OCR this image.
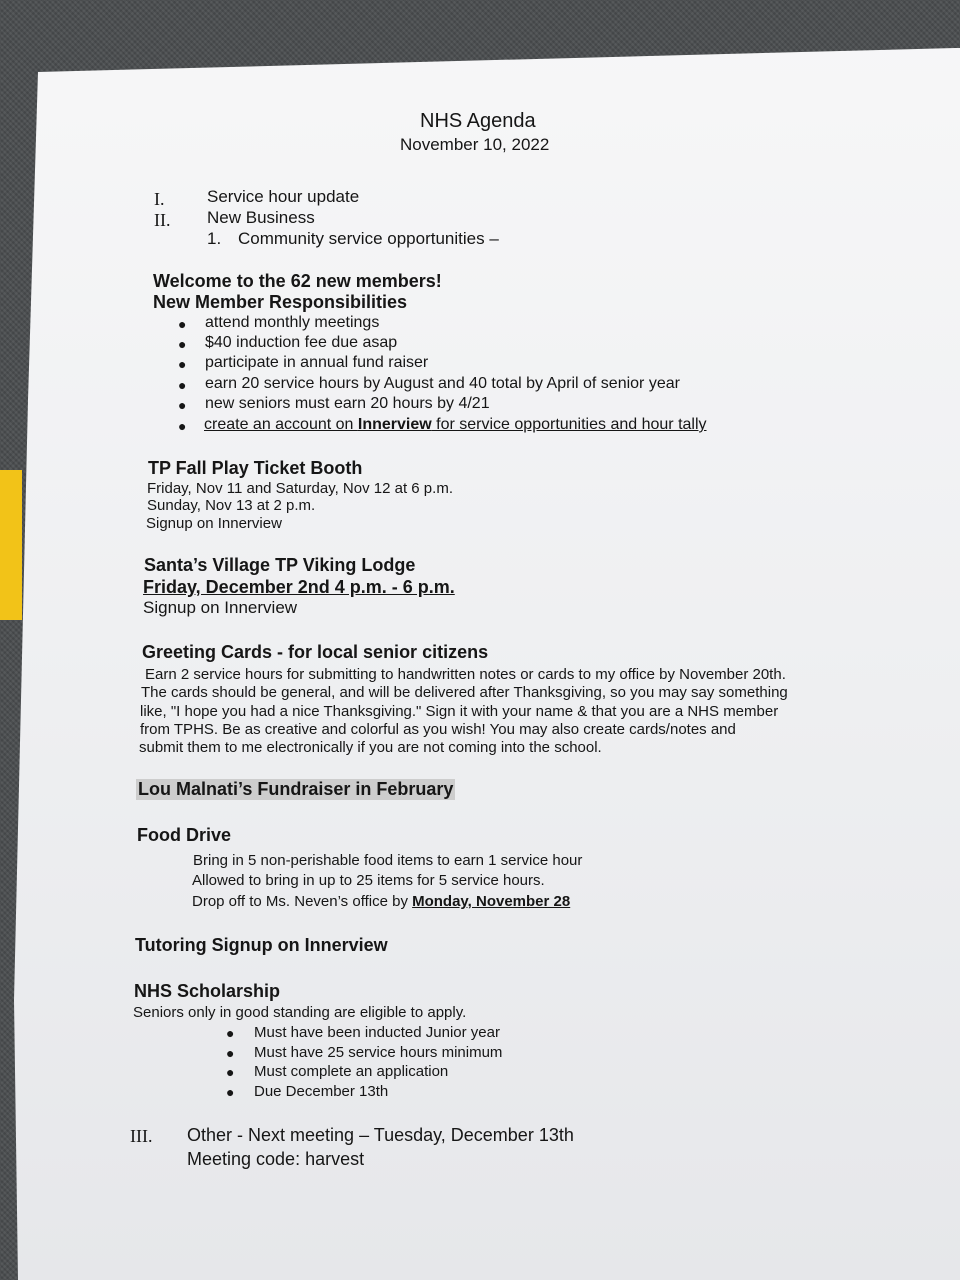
NHS Agenda
November 10, 2022
I.	Service hour update
II. New Business
1. Community service opportunities –
Welcome to the 62 new members!
New Member Responsibilities
● attend monthly meetings
● $40 induction fee due asap
● participate in annual fund raiser
● earn 20 service hours by August and 40 total by April of senior year
● new seniors must earn 20 hours by 4/21
● create an account on Innerview for service opportunities and hour tally
TP Fall Play Ticket Booth
Friday, Nov 11 and Saturday, Nov 12 at 6 p.m.
Sunday, Nov 13 at 2 p.m.
Signup on Innerview
Santa’s Village TP Viking Lodge
Friday, December 2nd 4 p.m. - 6 p.m.
Signup on Innerview
Greeting Cards - for local senior citizens
Earn 2 service hours for submitting to handwritten notes or cards to my office by November 20th.
The cards should be general, and will be delivered after Thanksgiving, so you may say something
like, "I hope you had a nice Thanksgiving." Sign it with your name & that you are a NHS member
from TPHS. Be as creative and colorful as you wish! You may also create cards/notes and
submit them to me electronically if you are not coming into the school.
Lou Malnati’s Fundraiser in February
Food Drive
Bring in 5 non-perishable food items to earn 1 service hour
Allowed to bring in up to 25 items for 5 service hours.
Drop off to Ms. Neven’s office by Monday, November 28
Tutoring Signup on Innerview
NHS Scholarship
Seniors only in good standing are eligible to apply.
● Must have been inducted Junior year
● Must have 25 service hours minimum
● Must complete an application
● Due December 13th
III. Other - Next meeting – Tuesday, December 13th
Meeting code: harvest
